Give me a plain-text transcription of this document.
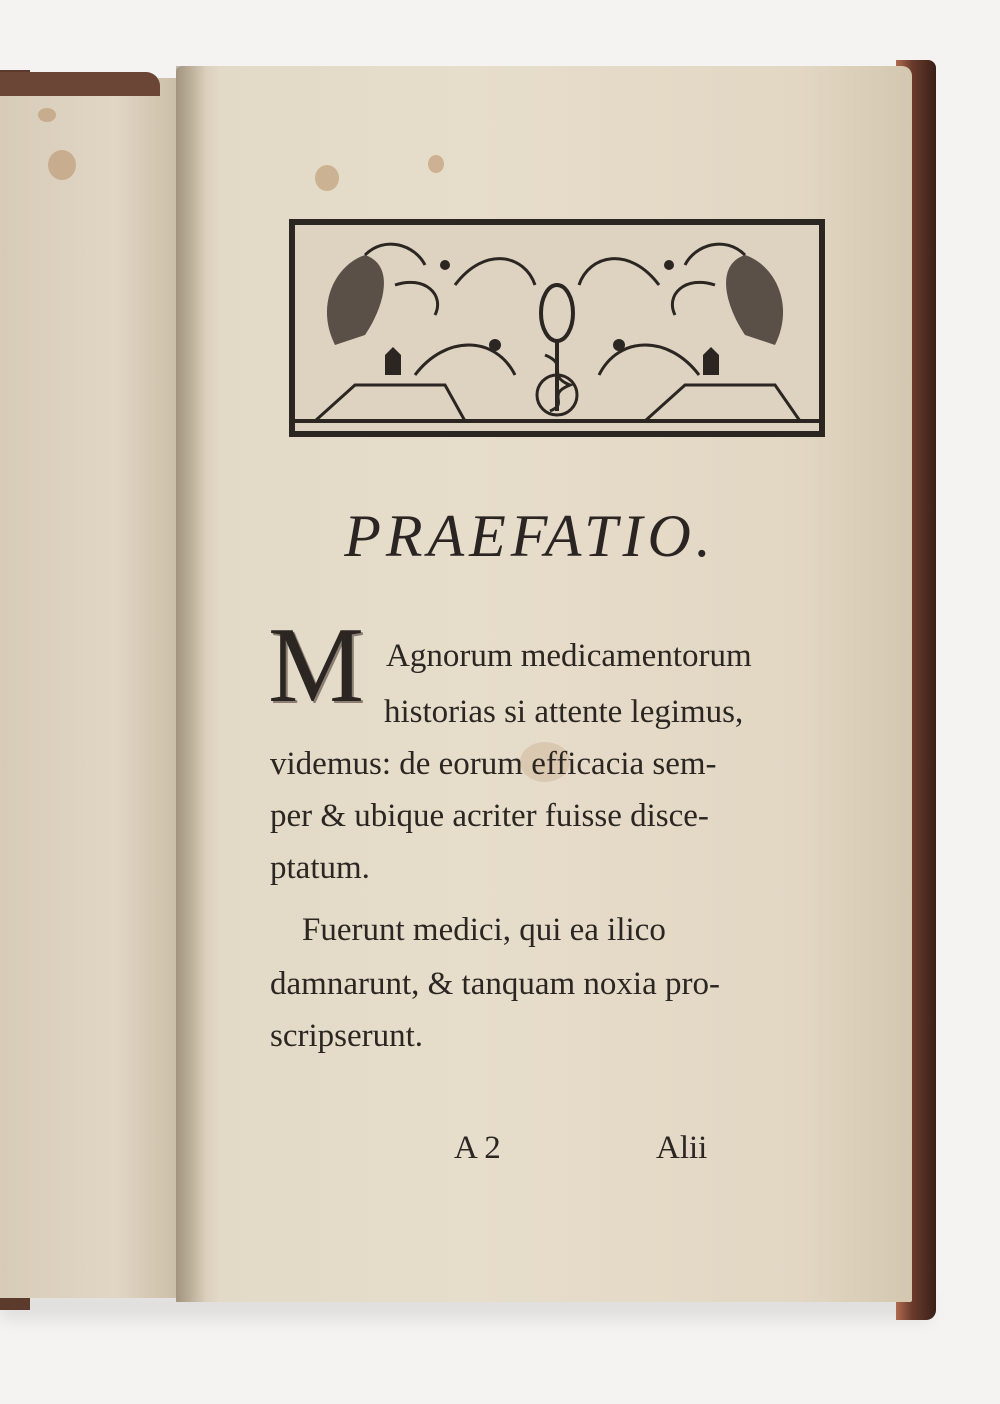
PRAEFATIO.
M Agnorum medicamentorum
historias si attente legimus,
videmus: de eorum efficacia sem-
per & ubique acriter fuisse disce-
ptatum.
Fuerunt medici, qui ea ilico
damnarunt, & tanquam noxia pro-
scripserunt.
A 2	Alii
